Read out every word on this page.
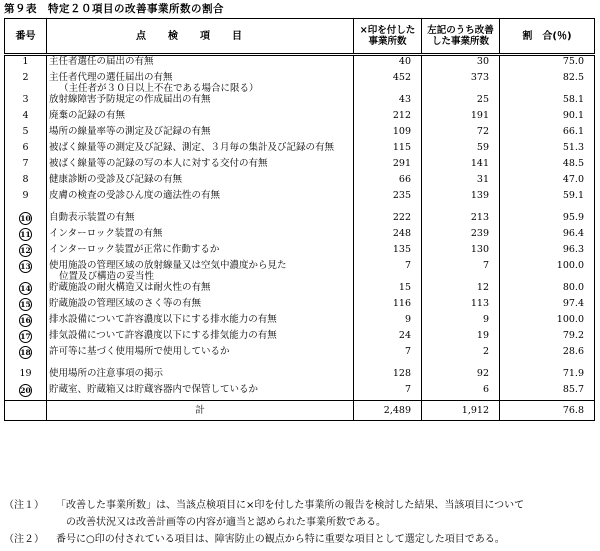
第９表　特定２０項目の改善事業所数の割合
番号	点検項目	×印を付した事業所数	左記のうち改善した事業所数	割　合(％)
1	主任者選任の届出の有無	40	30	75.0
2	主任者代理の選任届出の有無
（主任者が３０日以上不在である場合に限る）	452	373	82.5
3	放射線障害予防規定の作成届出の有無	43	25	58.1
4	廃棄の記録の有無	212	191	90.1
5	場所の線量率等の測定及び記録の有無	109	72	66.1
6	被ばく線量等の測定及び記録、測定、３月毎の集計及び記録の有無	115	59	51.3
7	被ばく線量等の記録の写の本人に対する交付の有無	291	141	48.5
8	健康診断の受診及び記録の有無	66	31	47.0
9	皮膚の検査の受診ひん度の適法性の有無	235	139	59.1

10	自動表示装置の有無	222	213	95.9
11	インターロック装置の有無	248	239	96.4
12	インターロック装置が正常に作動するか	135	130	96.3
13	使用施設の管理区域の放射線量又は空気中濃度から見た
位置及び構造の妥当性	7	7	100.0
14	貯蔵施設の耐火構造又は耐火性の有無	15	12	80.0
15	貯蔵施設の管理区域のさく等の有無	116	113	97.4
16	排水設備について許容濃度以下にする排水能力の有無	9	9	100.0
17	排気設備について許容濃度以下にする排気能力の有無	24	19	79.2
18	許可等に基づく使用場所で使用しているか	7	2	28.6

19	使用場所の注意事項の掲示	128	92	71.9
20	貯蔵室、貯蔵箱又は貯蔵容器内で保管しているか	7	6	85.7
	計	2,489	1,912	76.8
（注１）	「改善した事業所数」は、当該点検項目に×印を付した事業所の報告を検討した結果、当該項目について
の改善状況又は改善計画等の内容が適当と認められた事業所数である。
（注２）	番号に○印の付されている項目は、障害防止の観点から特に重要な項目として選定した項目である。
